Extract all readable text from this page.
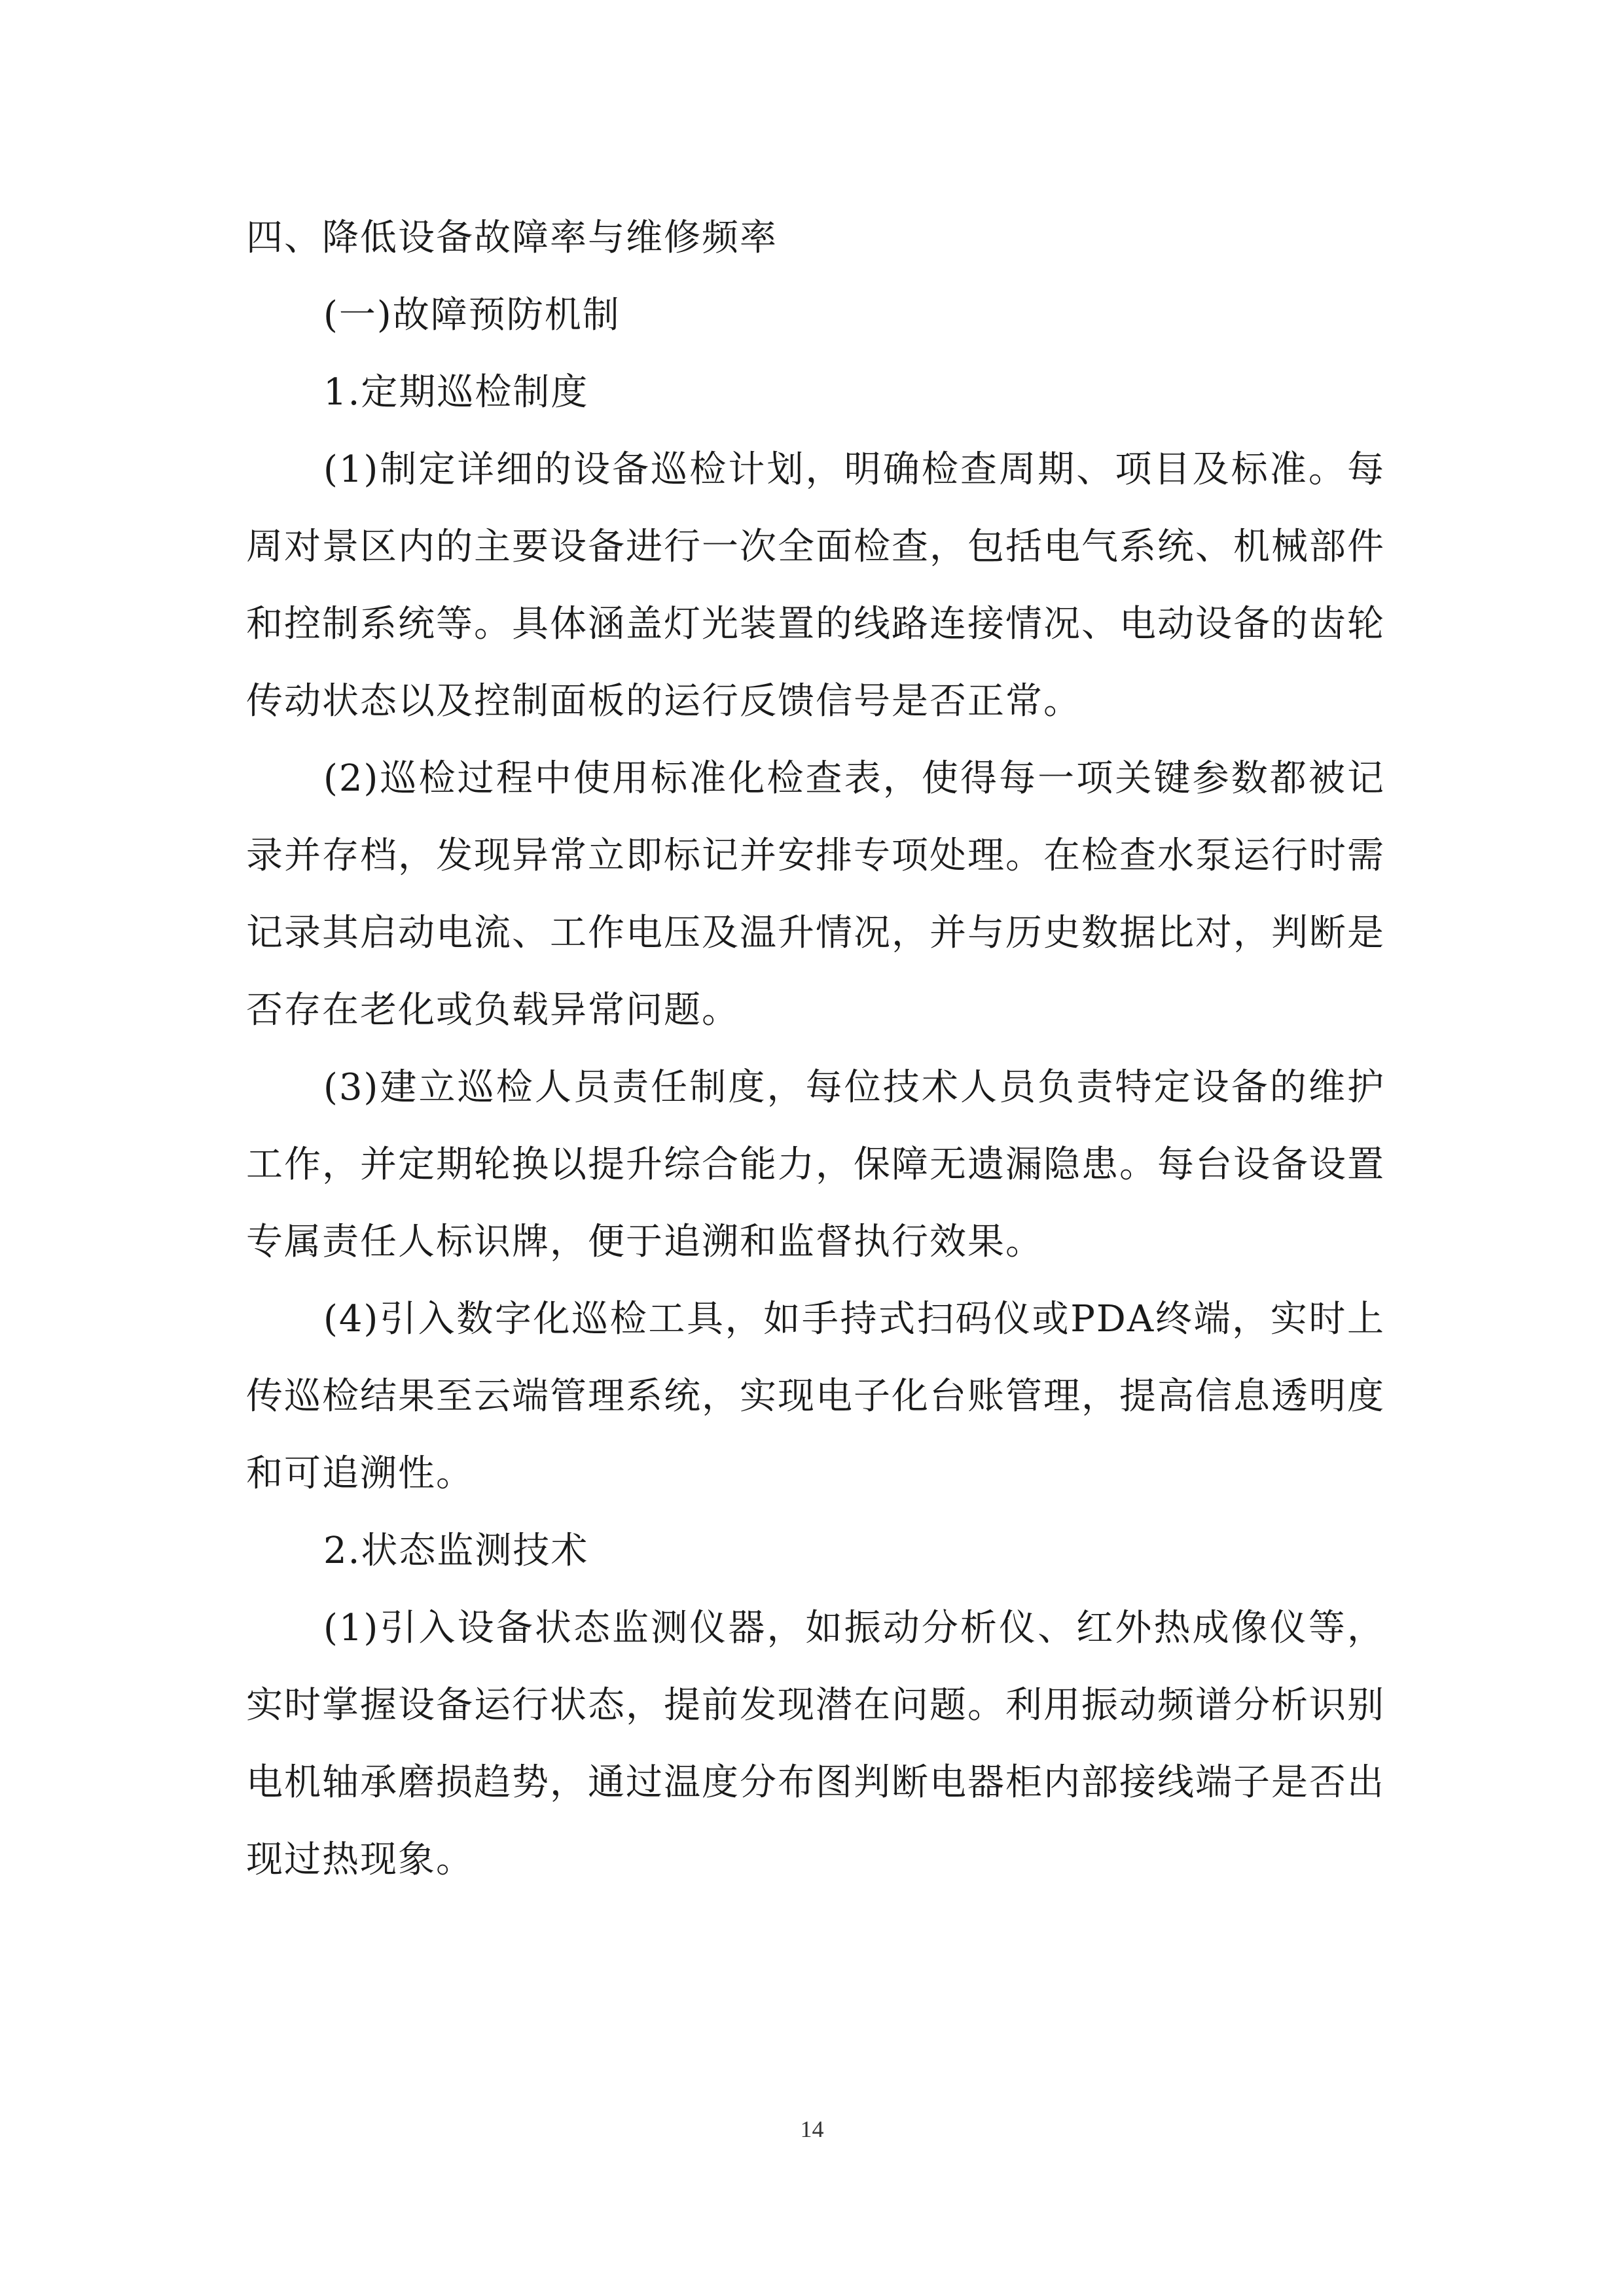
四、降低设备故障率与维修频率

(一)故障预防机制

1.定期巡检制度

(1)制定详细的设备巡检计划，明确检查周期、项目及标准。每周对景区内的主要设备进行一次全面检查，包括电气系统、机械部件和控制系统等。具体涵盖灯光装置的线路连接情况、电动设备的齿轮传动状态以及控制面板的运行反馈信号是否正常。

(2)巡检过程中使用标准化检查表，使得每一项关键参数都被记录并存档，发现异常立即标记并安排专项处理。在检查水泵运行时需记录其启动电流、工作电压及温升情况，并与历史数据比对，判断是否存在老化或负载异常问题。

(3)建立巡检人员责任制度，每位技术人员负责特定设备的维护工作，并定期轮换以提升综合能力，保障无遗漏隐患。每台设备设置专属责任人标识牌，便于追溯和监督执行效果。

(4)引入数字化巡检工具，如手持式扫码仪或PDA终端，实时上传巡检结果至云端管理系统，实现电子化台账管理，提高信息透明度和可追溯性。

2.状态监测技术

(1)引入设备状态监测仪器，如振动分析仪、红外热成像仪等，实时掌握设备运行状态，提前发现潜在问题。利用振动频谱分析识别电机轴承磨损趋势，通过温度分布图判断电器柜内部接线端子是否出现过热现象。

14
